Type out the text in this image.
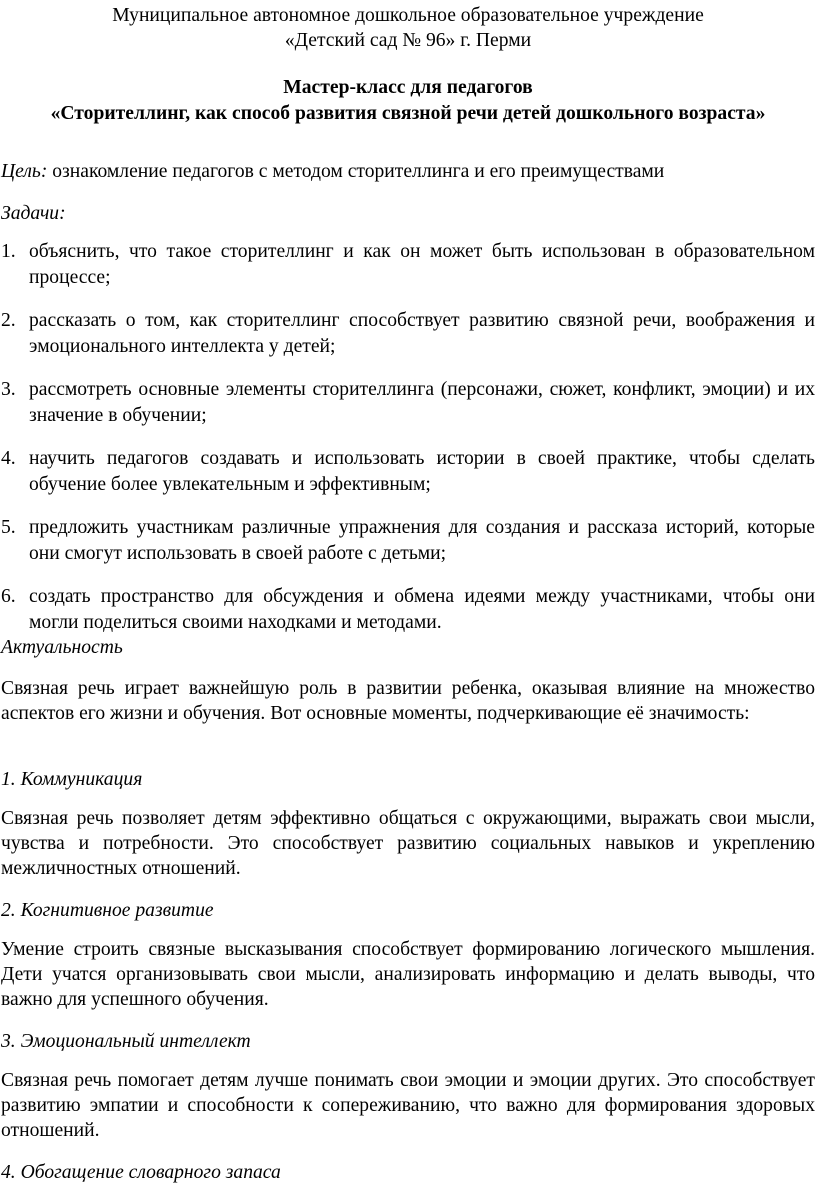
Муниципальное автономное дошкольное образовательное учреждение
«Детский сад № 96» г. Перми
Мастер-класс для педагогов
«Сторителлинг, как способ развития связной речи детей дошкольного возраста»
Цель: ознакомление педагогов с методом сторителлинга и его преимуществами
Задачи:
1. объяснить, что такое сторителлинг и как он может быть использован в образовательном процессе;
2. рассказать о том, как сторителлинг способствует развитию связной речи, воображения и эмоционального интеллекта у детей;
3. рассмотреть основные элементы сторителлинга (персонажи, сюжет, конфликт, эмоции) и их значение в обучении;
4. научить педагогов создавать и использовать истории в своей практике, чтобы сделать обучение более увлекательным и эффективным;
5. предложить участникам различные упражнения для создания и рассказа историй, которые они смогут использовать в своей работе с детьми;
6. создать пространство для обсуждения и обмена идеями между участниками, чтобы они могли поделиться своими находками и методами.
Актуальность
Связная речь играет важнейшую роль в развитии ребенка, оказывая влияние на множество аспектов его жизни и обучения. Вот основные моменты, подчеркивающие её значимость:
1. Коммуникация
Связная речь позволяет детям эффективно общаться с окружающими, выражать свои мысли, чувства и потребности. Это способствует развитию социальных навыков и укреплению межличностных отношений.
2. Когнитивное развитие
Умение строить связные высказывания способствует формированию логического мышления. Дети учатся организовывать свои мысли, анализировать информацию и делать выводы, что важно для успешного обучения.
3. Эмоциональный интеллект
Связная речь помогает детям лучше понимать свои эмоции и эмоции других. Это способствует развитию эмпатии и способности к сопереживанию, что важно для формирования здоровых отношений.
4. Обогащение словарного запаса
